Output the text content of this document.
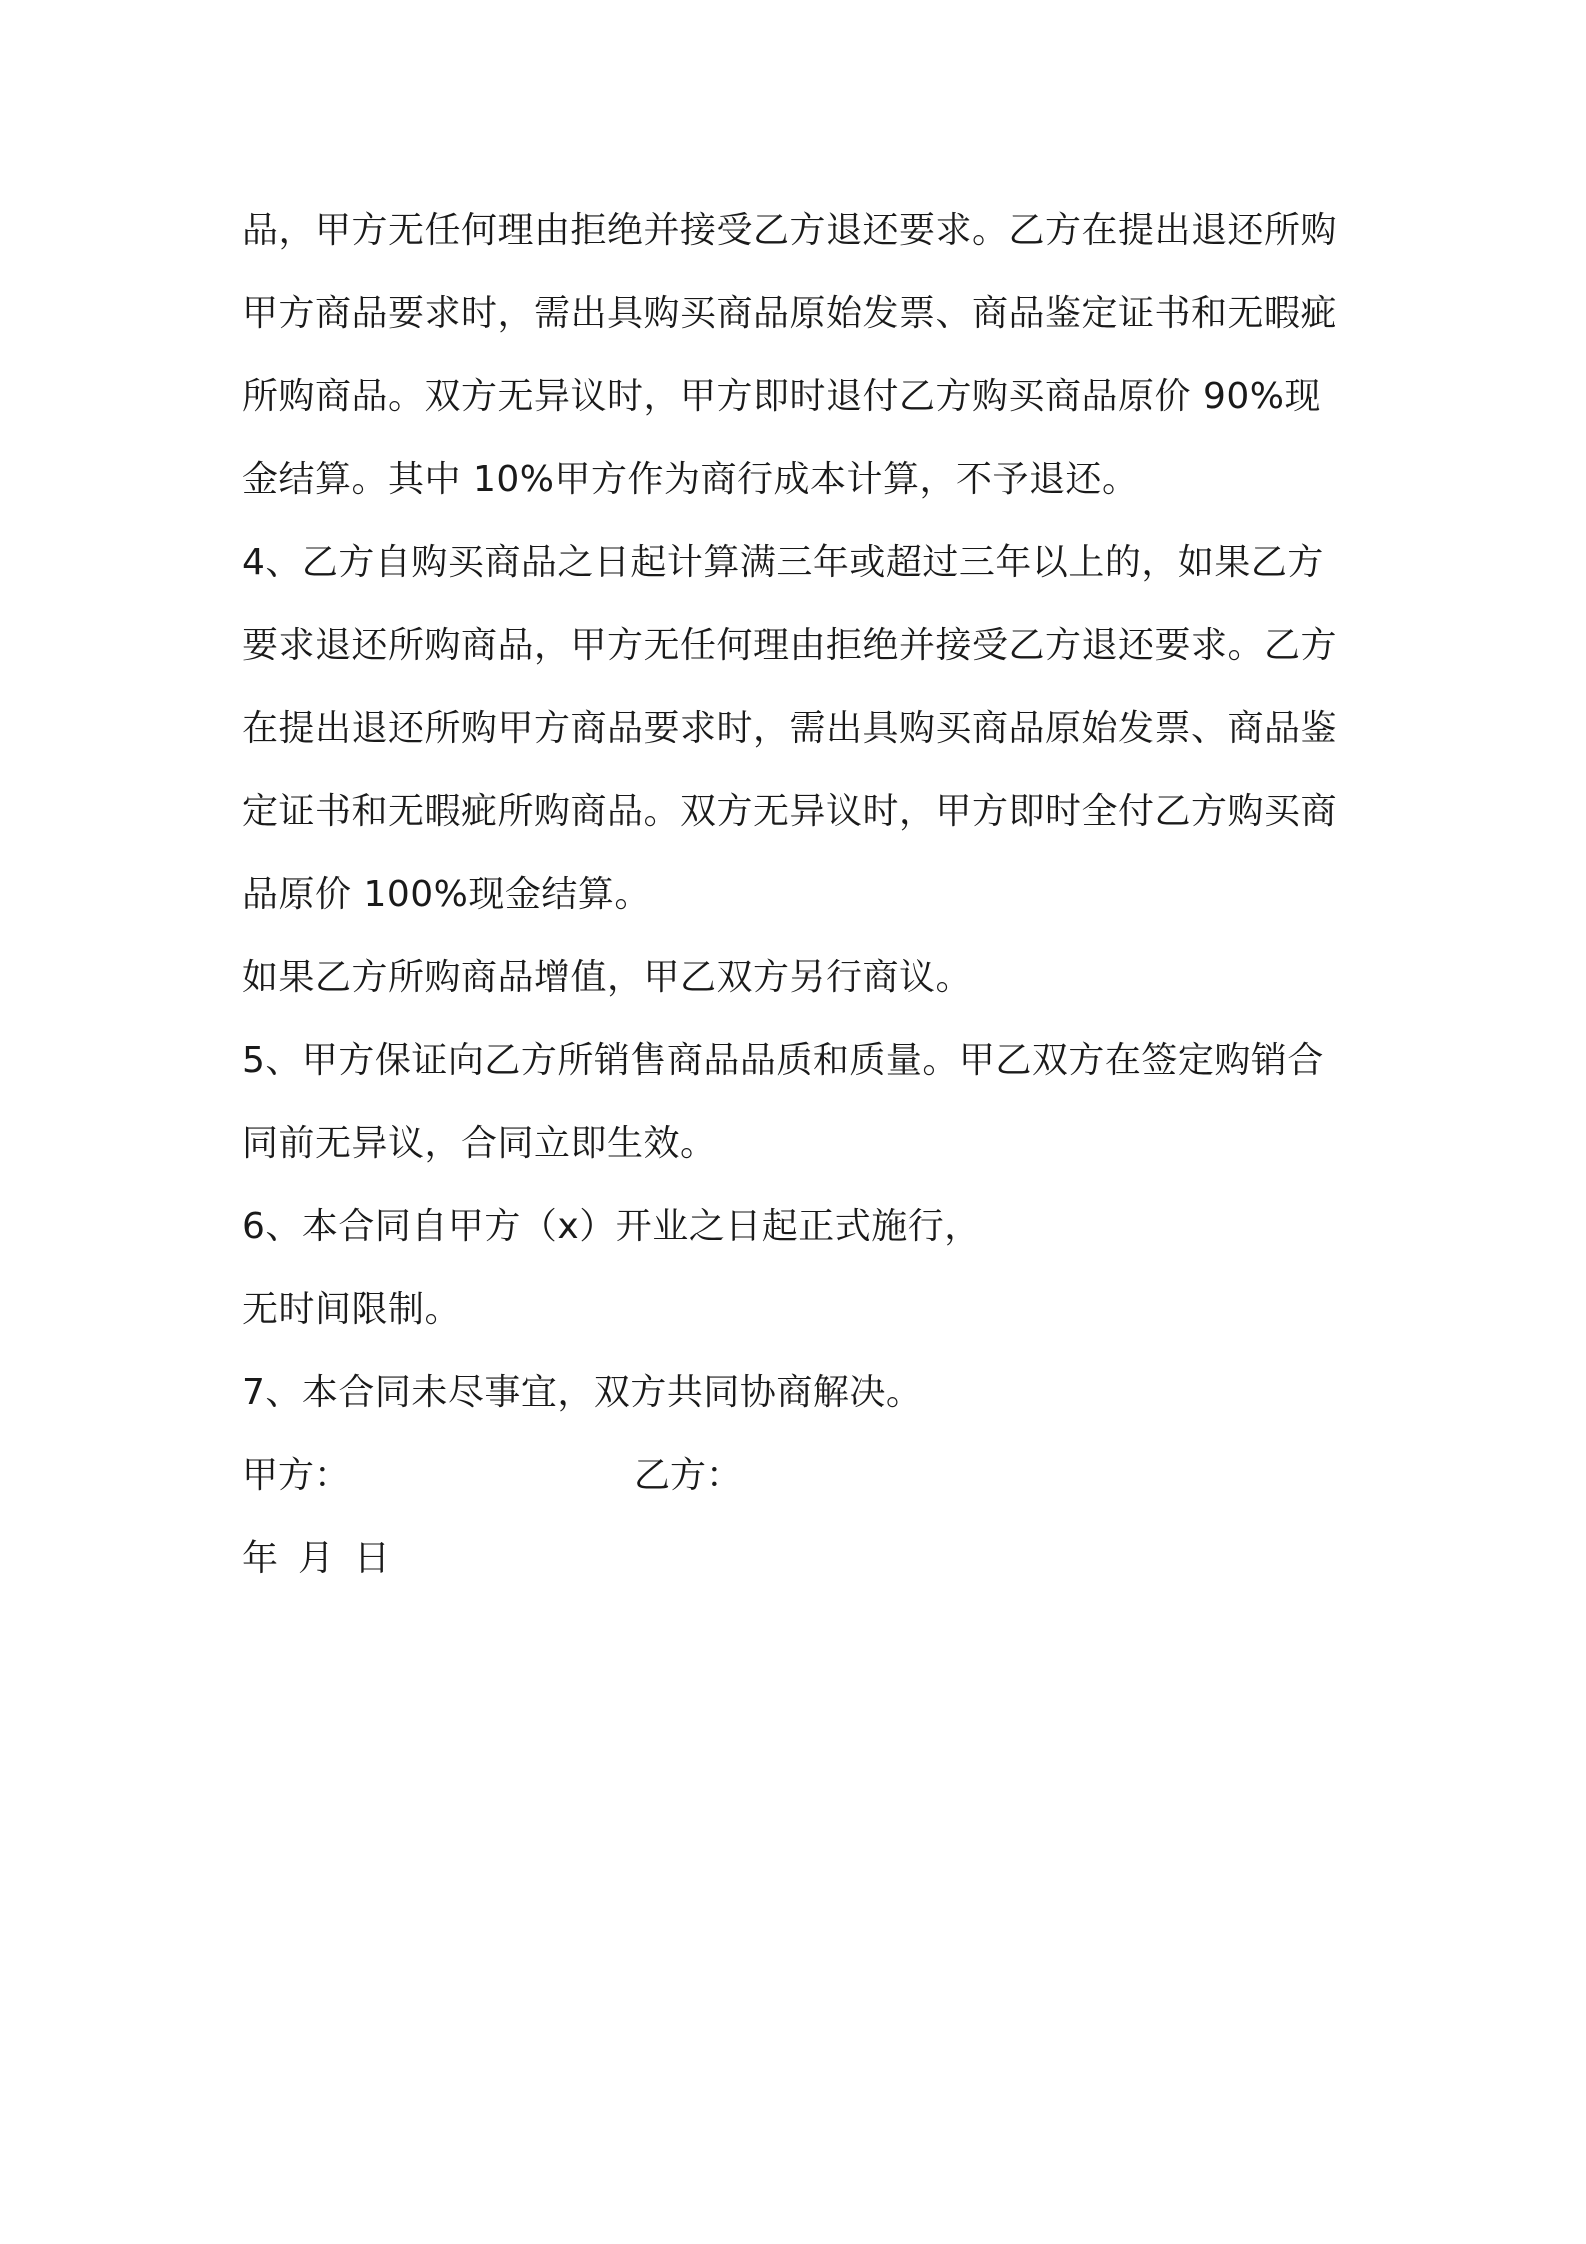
品，甲方无任何理由拒绝并接受乙方退还要求。乙方在提出退还所购
甲方商品要求时，需出具购买商品原始发票、商品鉴定证书和无暇疵
所购商品。双方无异议时，甲方即时退付乙方购买商品原价 90%现
金结算。其中 10%甲方作为商行成本计算，不予退还。
4、乙方自购买商品之日起计算满三年或超过三年以上的，如果乙方
要求退还所购商品，甲方无任何理由拒绝并接受乙方退还要求。乙方
在提出退还所购甲方商品要求时，需出具购买商品原始发票、商品鉴
定证书和无暇疵所购商品。双方无异议时，甲方即时全付乙方购买商
品原价 100%现金结算。
如果乙方所购商品增值，甲乙双方另行商议。
5、甲方保证向乙方所销售商品品质和质量。甲乙双方在签定购销合
同前无异议，合同立即生效。
6、本合同自甲方（x）开业之日起正式施行，
无时间限制。
7、本合同未尽事宜，双方共同协商解决。
甲方：	乙方：
年 月 日
